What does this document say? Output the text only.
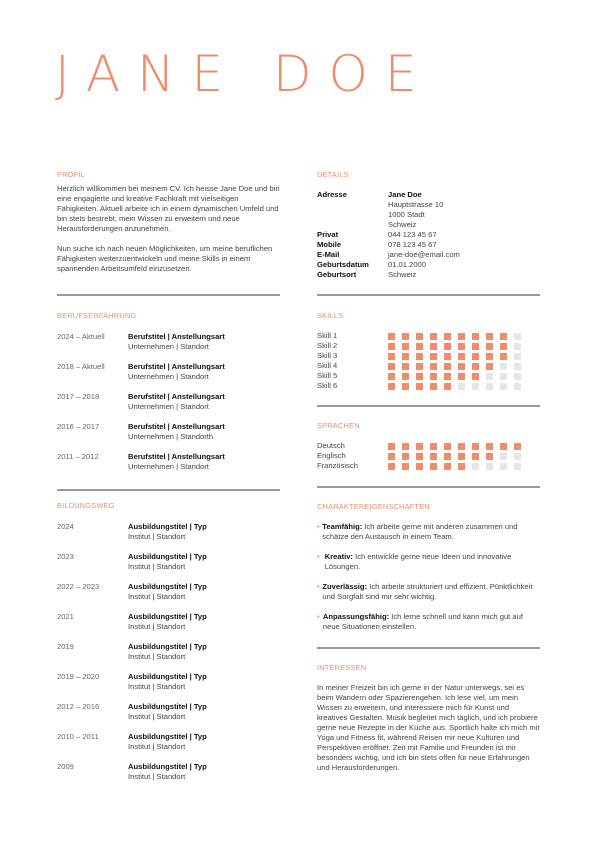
JANE DOE
PROFIL

Herzlich willkommen bei meinem CV. Ich heisse Jane Doe und bin eine engagierte und kreative Fachkraft mit vielseitigen Fähigkeiten. Aktuell arbeite ich in einem dynamischen Umfeld und bin stets bestrebt, mein Wissen zu erweitern und neue Herausforderungen anzunehmen.

Nun suche ich nach neuen Möglichkeiten, um meine beruflichen Fähigkeiten weiterzuentwickeln und meine Skills in einem spannenden Arbeitsumfeld einzusetzen.

BERUFSERFAHRUNG
2024 – Aktuell	Berufstitel | Anstellungsart
Unternehmen | Standort
2018 – Aktuell	Berufstitel | Anstellungsart
Unternehmen | Standort
2017 – 2018	Berufstitel | Anstellungsart
Unternehmen | Standort
2016 – 2017	Berufstitel | Anstellungsart
Unternehmen | Standorth
2011 – 2012	Berufstitel | Anstellungsart
Unternehmen | Standort
BILDUNGSWEG
2024	Ausbildungstitel | Typ
Institut | Standort
2023	Ausbildungstitel | Typ
Institut | Standort
2022 – 2023	Ausbildungstitel | Typ
Institut | Standort
2021	Ausbildungstitel | Typ
Institut | Standort
2019	Ausbildungstitel | Typ
Institut | Standort
2019 – 2020	Ausbildungstitel | Typ
Institut | Standort
2012 – 2016	Ausbildungstitel | Typ
Institut | Standort
2010 – 2011	Ausbildungstitel | Typ
Institut | Standort
2009	Ausbildungstitel | Typ
Institut | Standort
DETAILS
Adresse	Jane Doe
Hauptstrasse 10
1000 Stadt
Schweiz
Privat	044 123 45 67
Mobile	078 123 45 67
E-Mail	jane-doe@email.com
Geburtsdatum	01.01.2000
Geburtsort	Schweiz
SKILLS
Skill 1
Skill 2
Skill 3
Skill 4
Skill 5
Skill 6
SPRACHEN
Deutsch
Englisch
Französisch
CHARAKTEREIGENSCHAFTEN
• Teamfähig: Ich arbeite gerne mit anderen zusammen und schätze den Austausch in einem Team.
• Kreativ: Ich entwickle gerne neue Ideen und innovative Lösungen.
• Zuverlässig: Ich arbeite strukturiert und effizient. Pünktlichkeit und Sorgfalt sind mir sehr wichtig.
• Anpassungsfähig: Ich lerne schnell und kann mich gut auf neue Situationen einstellen.
INTERESSEN

In meiner Freizeit bin ich gerne in der Natur unterwegs, sei es beim Wandern oder Spazierengehen. Ich lese viel, um mein Wissen zu erweitern, und interessiere mich für Kunst und kreatives Gestalten. Musik begleitet mich täglich, und ich probiere gerne neue Rezepte in der Küche aus. Sportlich halte ich mich mit Yoga und Fitness fit, während Reisen mir neue Kulturen und Perspektiven eröffnet. Zeit mit Familie und Freunden ist mir besonders wichtig, und ich bin stets offen für neue Erfahrungen und Herausforderungen.
